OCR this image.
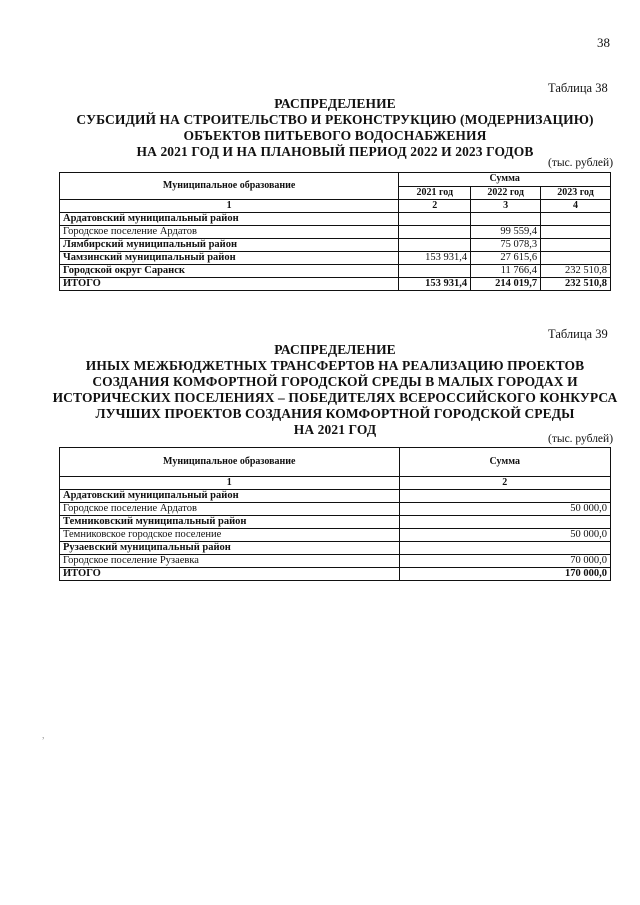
38
Таблица 38
РАСПРЕДЕЛЕНИЕ
СУБСИДИЙ НА СТРОИТЕЛЬСТВО И РЕКОНСТРУКЦИЮ (МОДЕРНИЗАЦИЮ)
ОБЪЕКТОВ ПИТЬЕВОГО ВОДОСНАБЖЕНИЯ
НА 2021 ГОД И НА ПЛАНОВЫЙ ПЕРИОД 2022 И 2023 ГОДОВ
(тыс. рублей)
Муниципальное образование	Сумма		
	2021 год	2022 год	2023 год
1	2	3	4
Ардатовский муниципальный район			
Городское поселение Ардатов		99 559,4	
Лямбирский муниципальный район		75 078,3	
Чамзинский муниципальный район	153 931,4	27 615,6	
Городской округ Саранск		11 766,4	232 510,8
ИТОГО	153 931,4	214 019,7	232 510,8
Таблица 39
РАСПРЕДЕЛЕНИЕ
ИНЫХ МЕЖБЮДЖЕТНЫХ ТРАНСФЕРТОВ НА РЕАЛИЗАЦИЮ ПРОЕКТОВ
СОЗДАНИЯ КОМФОРТНОЙ ГОРОДСКОЙ СРЕДЫ В МАЛЫХ ГОРОДАХ И
ИСТОРИЧЕСКИХ ПОСЕЛЕНИЯХ – ПОБЕДИТЕЛЯХ ВСЕРОССИЙСКОГО КОНКУРСА
ЛУЧШИХ ПРОЕКТОВ СОЗДАНИЯ КОМФОРТНОЙ ГОРОДСКОЙ СРЕДЫ
НА 2021 ГОД
(тыс. рублей)
Муниципальное образование	Сумма
1	2
Ардатовский муниципальный район	
Городское поселение Ардатов	50 000,0
Темниковский муниципальный район	
Темниковское городское поселение	50 000,0
Рузаевский муниципальный район	
Городское поселение Рузаевка	70 000,0
ИТОГО	170 000,0
,
